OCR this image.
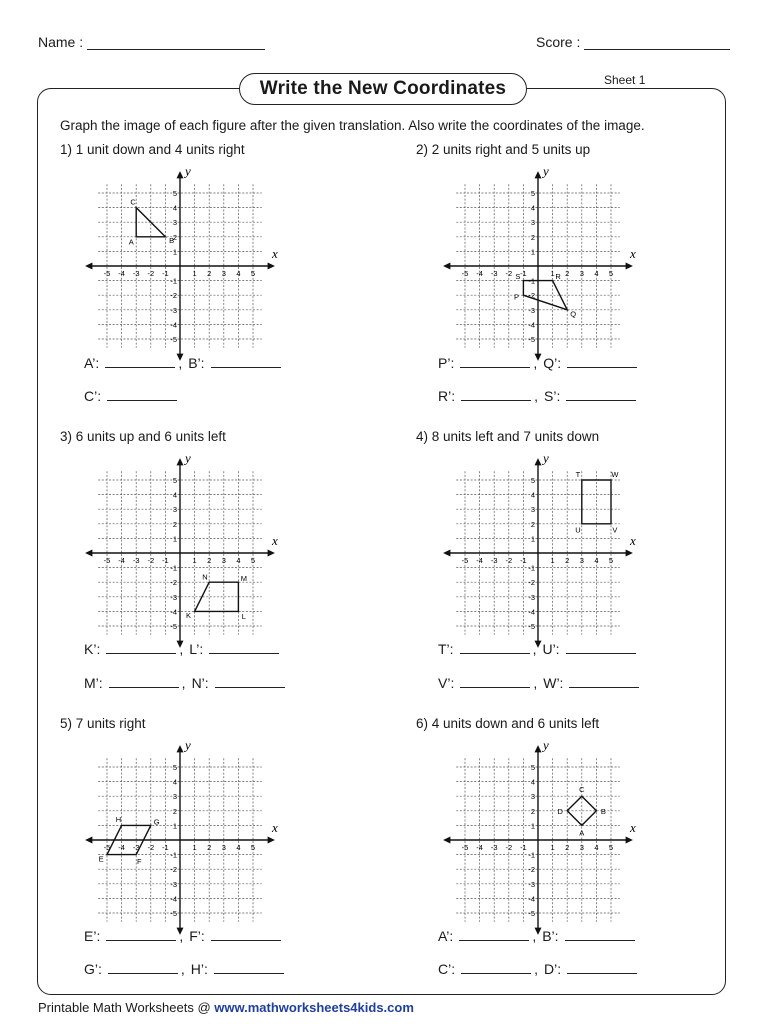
Name :	Score :
Write the New Coordinates	Sheet 1
Graph the image of each figure after the given translation. Also write the coordinates of the image.
1) 1 unit down and 4 units right
x
y
-5 -4 -3 -2 -1	1 2 3 4 5
5
4
3
2
1
-1
-2
-3
-4
-5
C
A	B
A’:	, B’:
C’:
2) 2 units right and 5 units up
x
y
-5 -4 -3 -2 -1	1 2 3 4 5
5
4
3
2
1
-1
-2
-3
-4
-5
S	R
P
Q
P’:	, Q’:
R’:	, S’:
3) 6 units up and 6 units left
x
y
-5 -4 -3 -2 -1	1 2 3 4 5
5
4
3
2
1
-1
-2
-3
-4
-5
N	M
K	L
K’:	, L’:
M’:	, N’:
4) 8 units left and 7 units down
x
y
-5 -4 -3 -2 -1	1 2 3 4 5
5
4
3
2
1
-1
-2
-3
-4
-5
T	W
U	V
T’:	, U’:
V’:	, W’:
5) 7 units right
x
y
-5 -4 -3 -2 -1	1 2 3 4 5
5
4
3
2
1
-1
-2
-3
-4
-5
H	G
E	F
E’:	, F’:
G’:	, H’:
6) 4 units down and 6 units left
x
y
-5 -4 -3 -2 -1	1 2 3 4 5
5
4
3
2
1
-1
-2
-3
-4
-5
C
D	B
A
A’:	, B’:
C’:	, D’:
Printable Math Worksheets @ www.mathworksheets4kids.com
